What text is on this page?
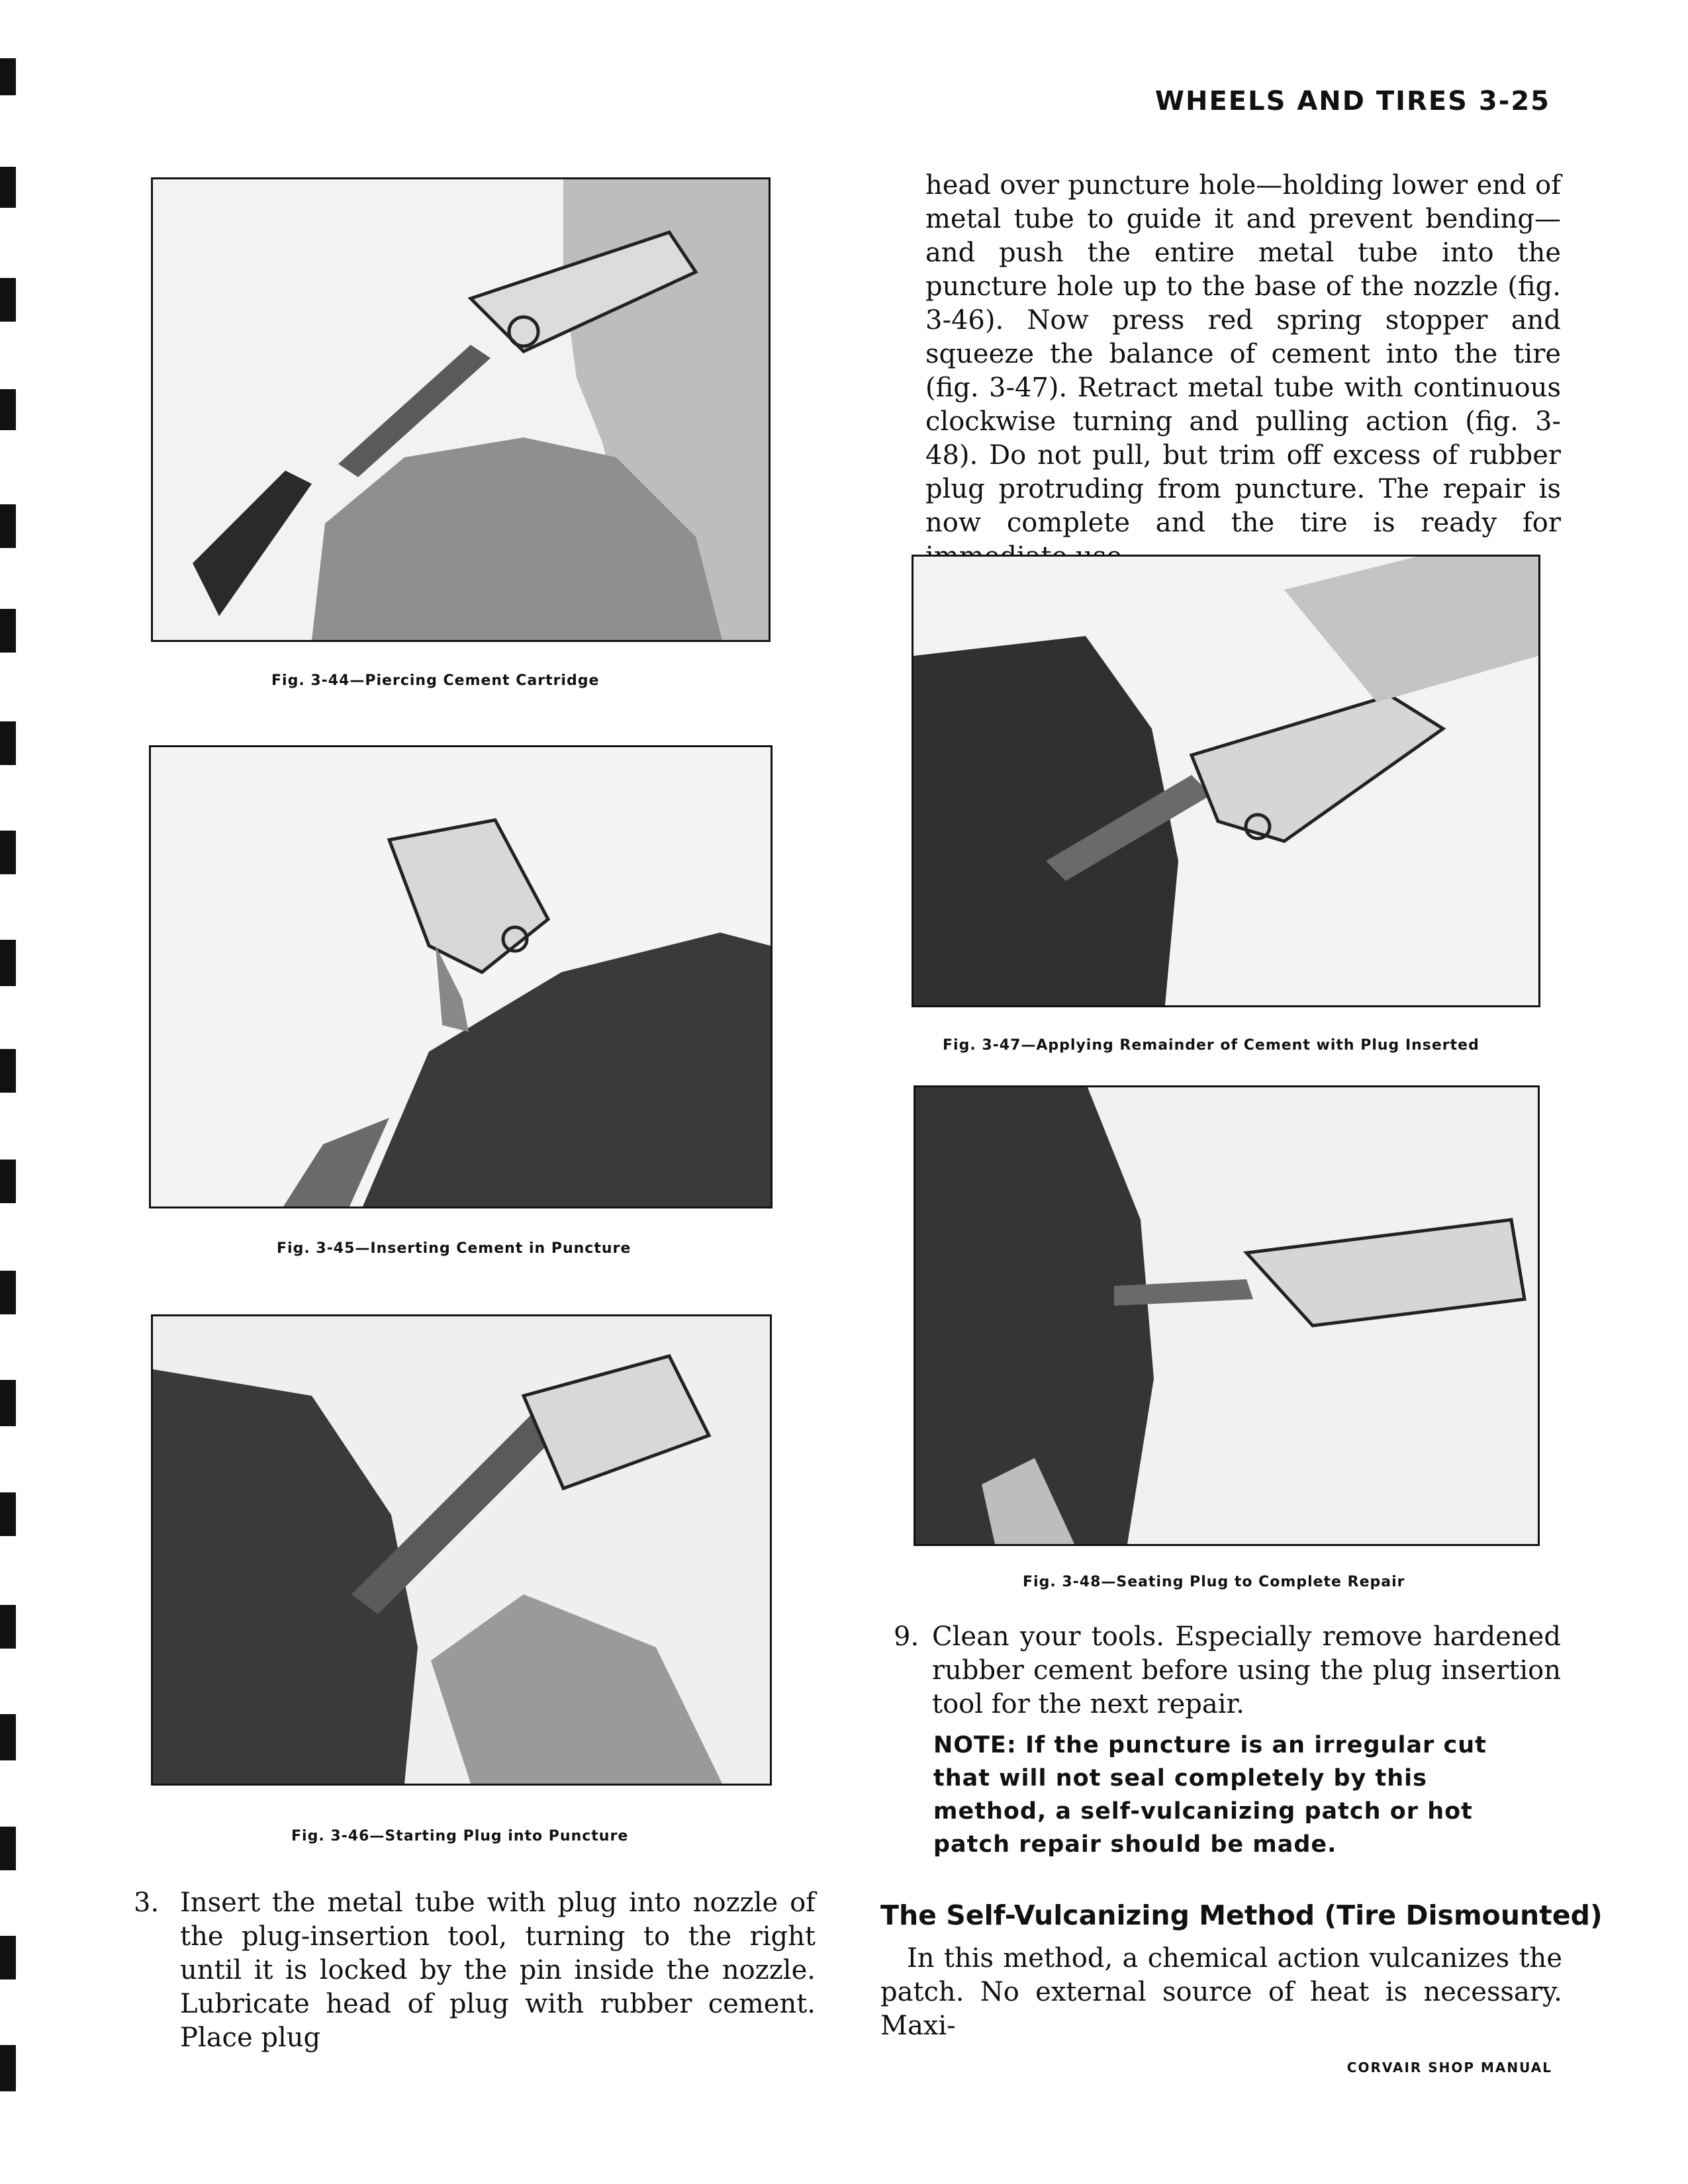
WHEELS AND TIRES 3-25
Fig. 3-44—Piercing Cement Cartridge
Fig. 3-45—Inserting Cement in Puncture
Fig. 3-46—Starting Plug into Puncture

head over puncture hole—holding lower end of metal tube to guide it and prevent bending—and push the entire metal tube into the puncture hole up to the base of the nozzle (fig. 3-46). Now press red spring stopper and squeeze the balance of cement into the tire (fig. 3-47). Retract metal tube with continuous clockwise turning and pulling action (fig. 3-48). Do not pull, but trim off excess of rubber plug protruding from puncture. The repair is now complete and the tire is ready for

Fig. 3-47—Applying Remainder of Cement with Plug Inserted
Fig. 3-48—Seating Plug to Complete Repair
9. Clean your tools. Especially remove hardened rubber cement before using the plug insertion tool for the next repair.

NOTE: If the puncture is an irregular cut that will not seal completely by this method, a self-vulcanizing patch or hot patch repair should be made.

The Self-Vulcanizing Method (Tire Dismounted)

In this method, a chemical action vulcanizes the patch. No external source of heat is necessary. Maxi-

3. Insert the metal tube with plug into nozzle of the plug-insertion tool, turning to the right until it is locked by the pin inside the nozzle. Lubricate head of plug with rubber cement. Place plug

CORVAIR SHOP MANUAL
